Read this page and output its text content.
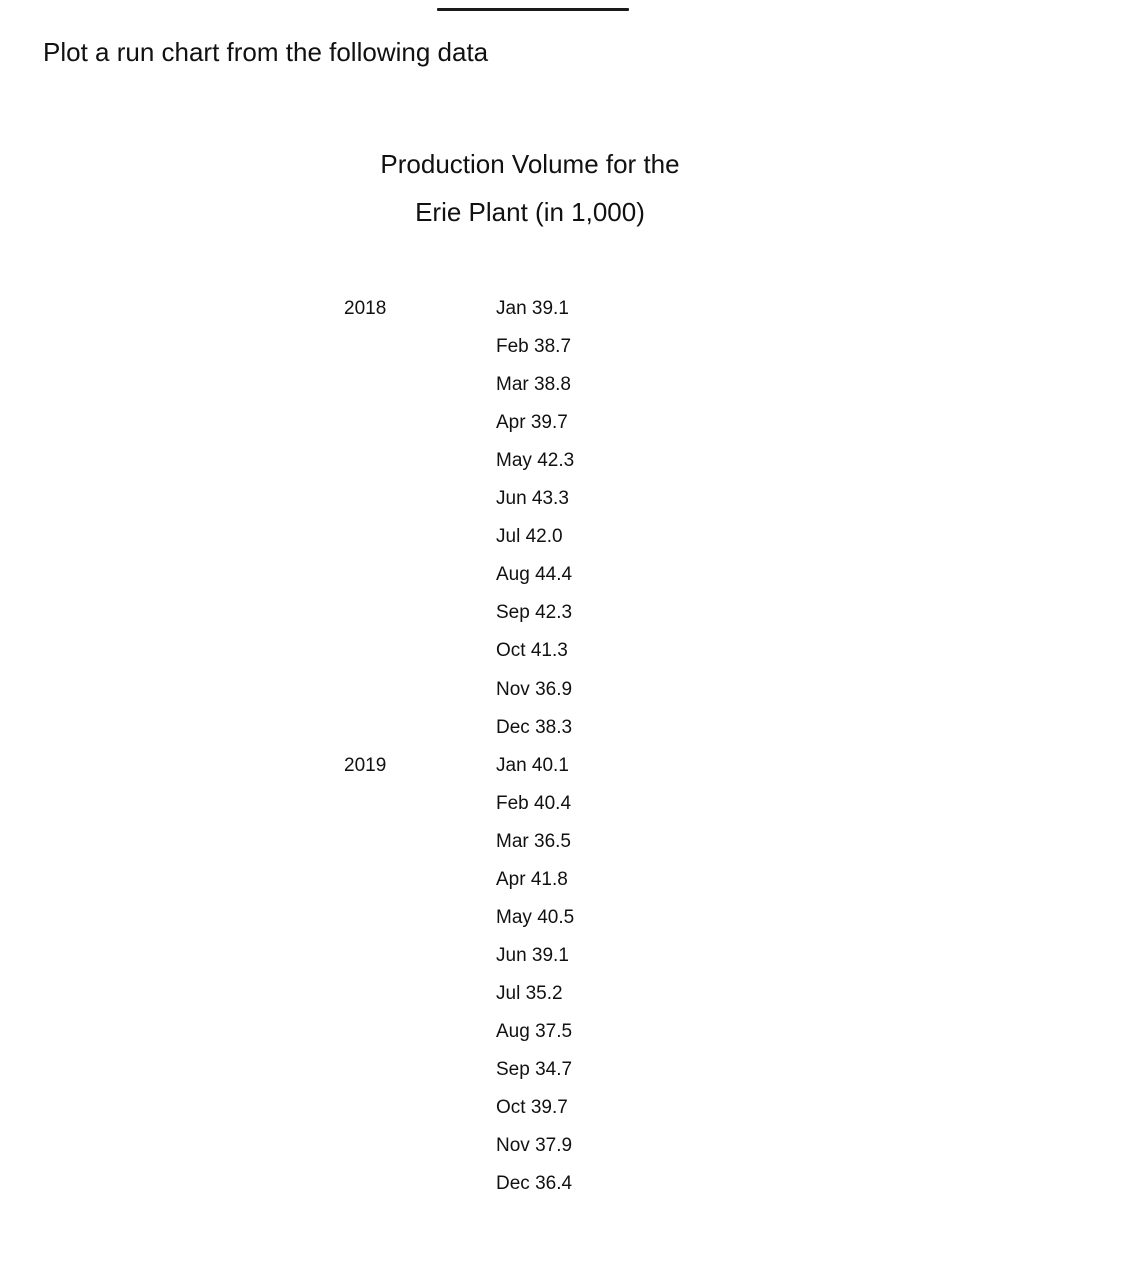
Plot a run chart from the following data
Production Volume for the
Erie Plant (in 1,000)
2018	Jan 39.1
Feb 38.7
Mar 38.8
Apr 39.7
May 42.3
Jun 43.3
Jul 42.0
Aug 44.4
Sep 42.3
Oct 41.3
Nov 36.9
Dec 38.3
2019	Jan 40.1
Feb 40.4
Mar 36.5
Apr 41.8
May 40.5
Jun 39.1
Jul 35.2
Aug 37.5
Sep 34.7
Oct 39.7
Nov 37.9
Dec 36.4
